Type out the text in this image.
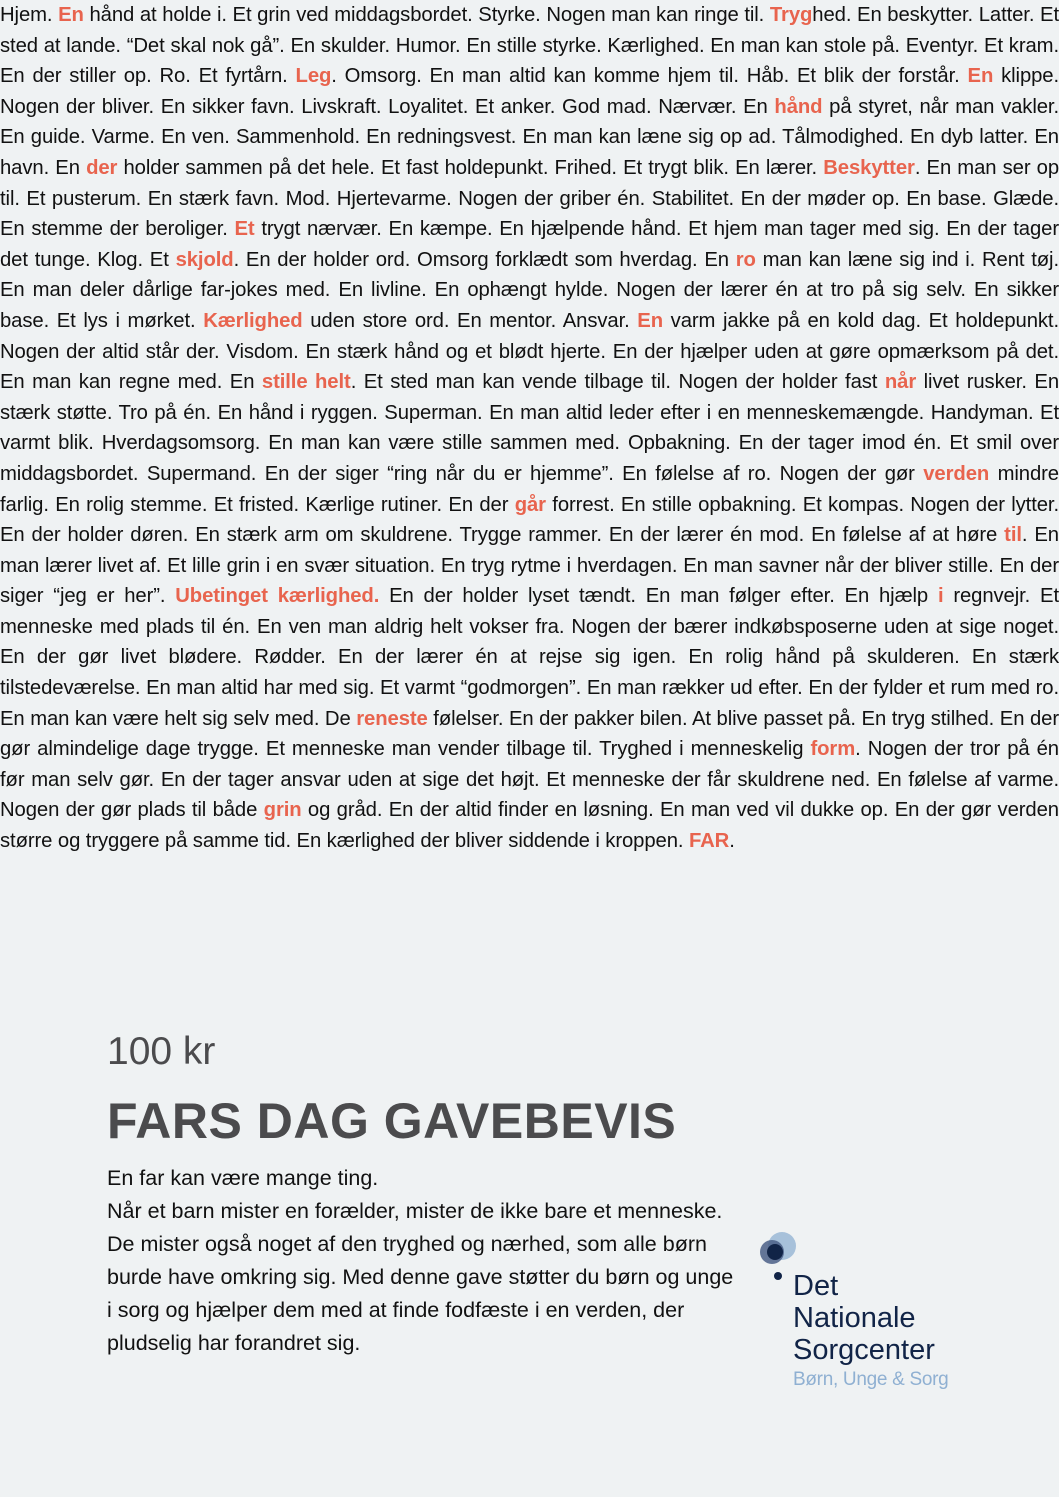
Hjem. En hånd at holde i. Et grin ved middagsbordet. Styrke. Nogen man kan ringe til. Tryghed. En beskytter. Latter. Et sted at lande. “Det skal nok gå”. En skulder. Humor. En stille styrke. Kærlighed. En man kan stole på. Eventyr. Et kram. En der stiller op. Ro. Et fyrtårn. Leg. Omsorg. En man altid kan komme hjem til. Håb. Et blik der forstår. En klippe. Nogen der bliver. En sikker favn. Livskraft. Loyalitet. Et anker. God mad. Nærvær. En hånd på styret, når man vakler. En guide. Varme. En ven. Sammenhold. En redningsvest. En man kan læne sig op ad. Tålmodighed. En dyb latter. En havn. En der holder sammen på det hele. Et fast holdepunkt. Frihed. Et trygt blik. En lærer. Beskytter. En man ser op til. Et pusterum. En stærk favn. Mod. Hjertevarme. Nogen der griber én. Stabilitet. En der møder op. En base. Glæde. En stemme der beroliger. Et trygt nærvær. En kæmpe. En hjælpende hånd. Et hjem man tager med sig. En der tager det tunge. Klog. Et skjold. En der holder ord. Omsorg forklædt som hverdag. En ro man kan læne sig ind i. Rent tøj. En man deler dårlige far-jokes med. En livline. En ophængt hylde. Nogen der lærer én at tro på sig selv. En sikker base. Et lys i mørket. Kærlighed uden store ord. En mentor. Ansvar. En varm jakke på en kold dag. Et holdepunkt. Nogen der altid står der. Visdom. En stærk hånd og et blødt hjerte. En der hjælper uden at gøre opmærksom på det. En man kan regne med. En stille helt. Et sted man kan vende tilbage til. Nogen der holder fast når livet rusker. En stærk støtte. Tro på én. En hånd i ryggen. Superman. En man altid leder efter i en menneskemængde. Handyman. Et varmt blik. Hverdagsomsorg. En man kan være stille sammen med. Opbakning. En der tager imod én. Et smil over middagsbordet. Supermand. En der siger “ring når du er hjemme”. En følelse af ro. Nogen der gør verden mindre farlig. En rolig stemme. Et fristed. Kærlige rutiner. En der går forrest. En stille opbakning. Et kompas. Nogen der lytter. En der holder døren. En stærk arm om skuldrene. Trygge rammer. En der lærer én mod. En følelse af at høre til. En man lærer livet af. Et lille grin i en svær situation. En tryg rytme i hverdagen. En man savner når der bliver stille. En der siger “jeg er her”. Ubetinget kærlighed. En der holder lyset tændt. En man følger efter. En hjælp i regnvejr. Et menneske med plads til én. En ven man aldrig helt vokser fra. Nogen der bærer indkøbsposerne uden at sige noget. En der gør livet blødere. Rødder. En der lærer én at rejse sig igen. En rolig hånd på skulderen. En stærk tilstedeværelse. En man altid har med sig. Et varmt “godmorgen”. En man rækker ud efter. En der fylder et rum med ro. En man kan være helt sig selv med. De reneste følelser. En der pakker bilen. At blive passet på. En tryg stilhed. En der gør almindelige dage trygge. Et menneske man vender tilbage til. Tryghed i menneskelig form. Nogen der tror på én før man selv gør. En der tager ansvar uden at sige det højt. Et menneske der får skuldrene ned. En følelse af varme. Nogen der gør plads til både grin og gråd. En der altid finder en løsning. En man ved vil dukke op. En der gør verden større og tryggere på samme tid. En kærlighed der bliver siddende i kroppen. FAR.
100 kr
FARS DAG GAVEBEVIS

En far kan være mange ting.

Når et barn mister en forælder, mister de ikke bare et menneske. De mister også noget af den tryghed og nærhed, som alle børn burde have omkring sig. Med denne gave støtter du børn og unge i sorg og hjælper dem med at finde fodfæste i en verden, der pludselig har forandret sig.

Det
Nationale
Sorgcenter
Børn, Unge & Sorg
